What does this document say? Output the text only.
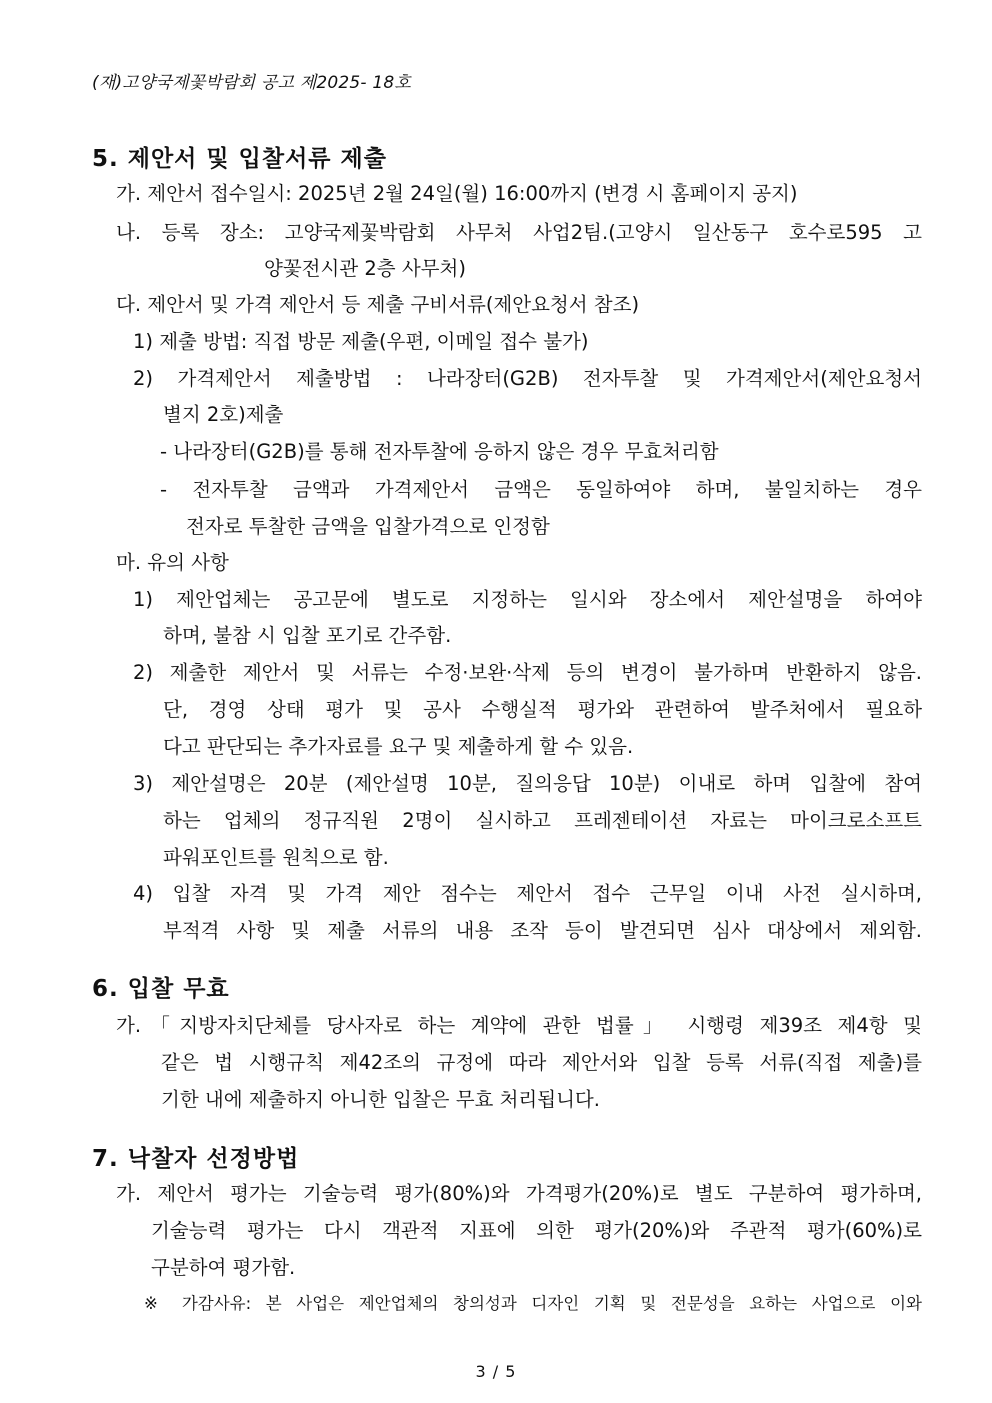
(재)고양국제꽃박람회 공고 제2025- 18호
5. 제안서 및 입찰서류 제출
가. 제안서 접수일시: 2025년 2월 24일(월) 16:00까지 (변경 시 홈페이지 공지)
나. 등록 장소: 고양국제꽃박람회 사무처 사업2팀.(고양시 일산동구 호수로595 고
양꽃전시관 2층 사무처)
다. 제안서 및 가격 제안서 등 제출 구비서류(제안요청서 참조)
1) 제출 방법: 직접 방문 제출(우편, 이메일 접수 불가)
2) 가격제안서 제출방법 : 나라장터(G2B) 전자투찰 및 가격제안서(제안요청서
별지 2호)제출
- 나라장터(G2B)를 통해 전자투찰에 응하지 않은 경우 무효처리함
- 전자투찰 금액과 가격제안서 금액은 동일하여야 하며, 불일치하는 경우
전자로 투찰한 금액을 입찰가격으로 인정함
마. 유의 사항
1) 제안업체는 공고문에 별도로 지정하는 일시와 장소에서 제안설명을 하여야
하며, 불참 시 입찰 포기로 간주함.
2) 제출한 제안서 및 서류는 수정·보완·삭제 등의 변경이 불가하며 반환하지 않음.
단, 경영 상태 평가 및 공사 수행실적 평가와 관련하여 발주처에서 필요하
다고 판단되는 추가자료를 요구 및 제출하게 할 수 있음.
3) 제안설명은 20분 (제안설명 10분, 질의응답 10분) 이내로 하며 입찰에 참여
하는 업체의 정규직원 2명이 실시하고 프레젠테이션 자료는 마이크로소프트
파워포인트를 원칙으로 함.
4) 입찰 자격 및 가격 제안 점수는 제안서 접수 근무일 이내 사전 실시하며,
부적격 사항 및 제출 서류의 내용 조작 등이 발견되면 심사 대상에서 제외함.
6. 입찰 무효
가.「지방자치단체를 당사자로 하는 계약에 관한 법률」 시행령 제39조 제4항 및
같은 법 시행규칙 제42조의 규정에 따라 제안서와 입찰 등록 서류(직접 제출)를
기한 내에 제출하지 아니한 입찰은 무효 처리됩니다.
7. 낙찰자 선정방법
가. 제안서 평가는 기술능력 평가(80%)와 가격평가(20%)로 별도 구분하여 평가하며,
기술능력 평가는 다시 객관적 지표에 의한 평가(20%)와 주관적 평가(60%)로
구분하여 평가함.
※ 가감사유: 본 사업은 제안업체의 창의성과 디자인 기획 및 전문성을 요하는 사업으로 이와
3 / 5
